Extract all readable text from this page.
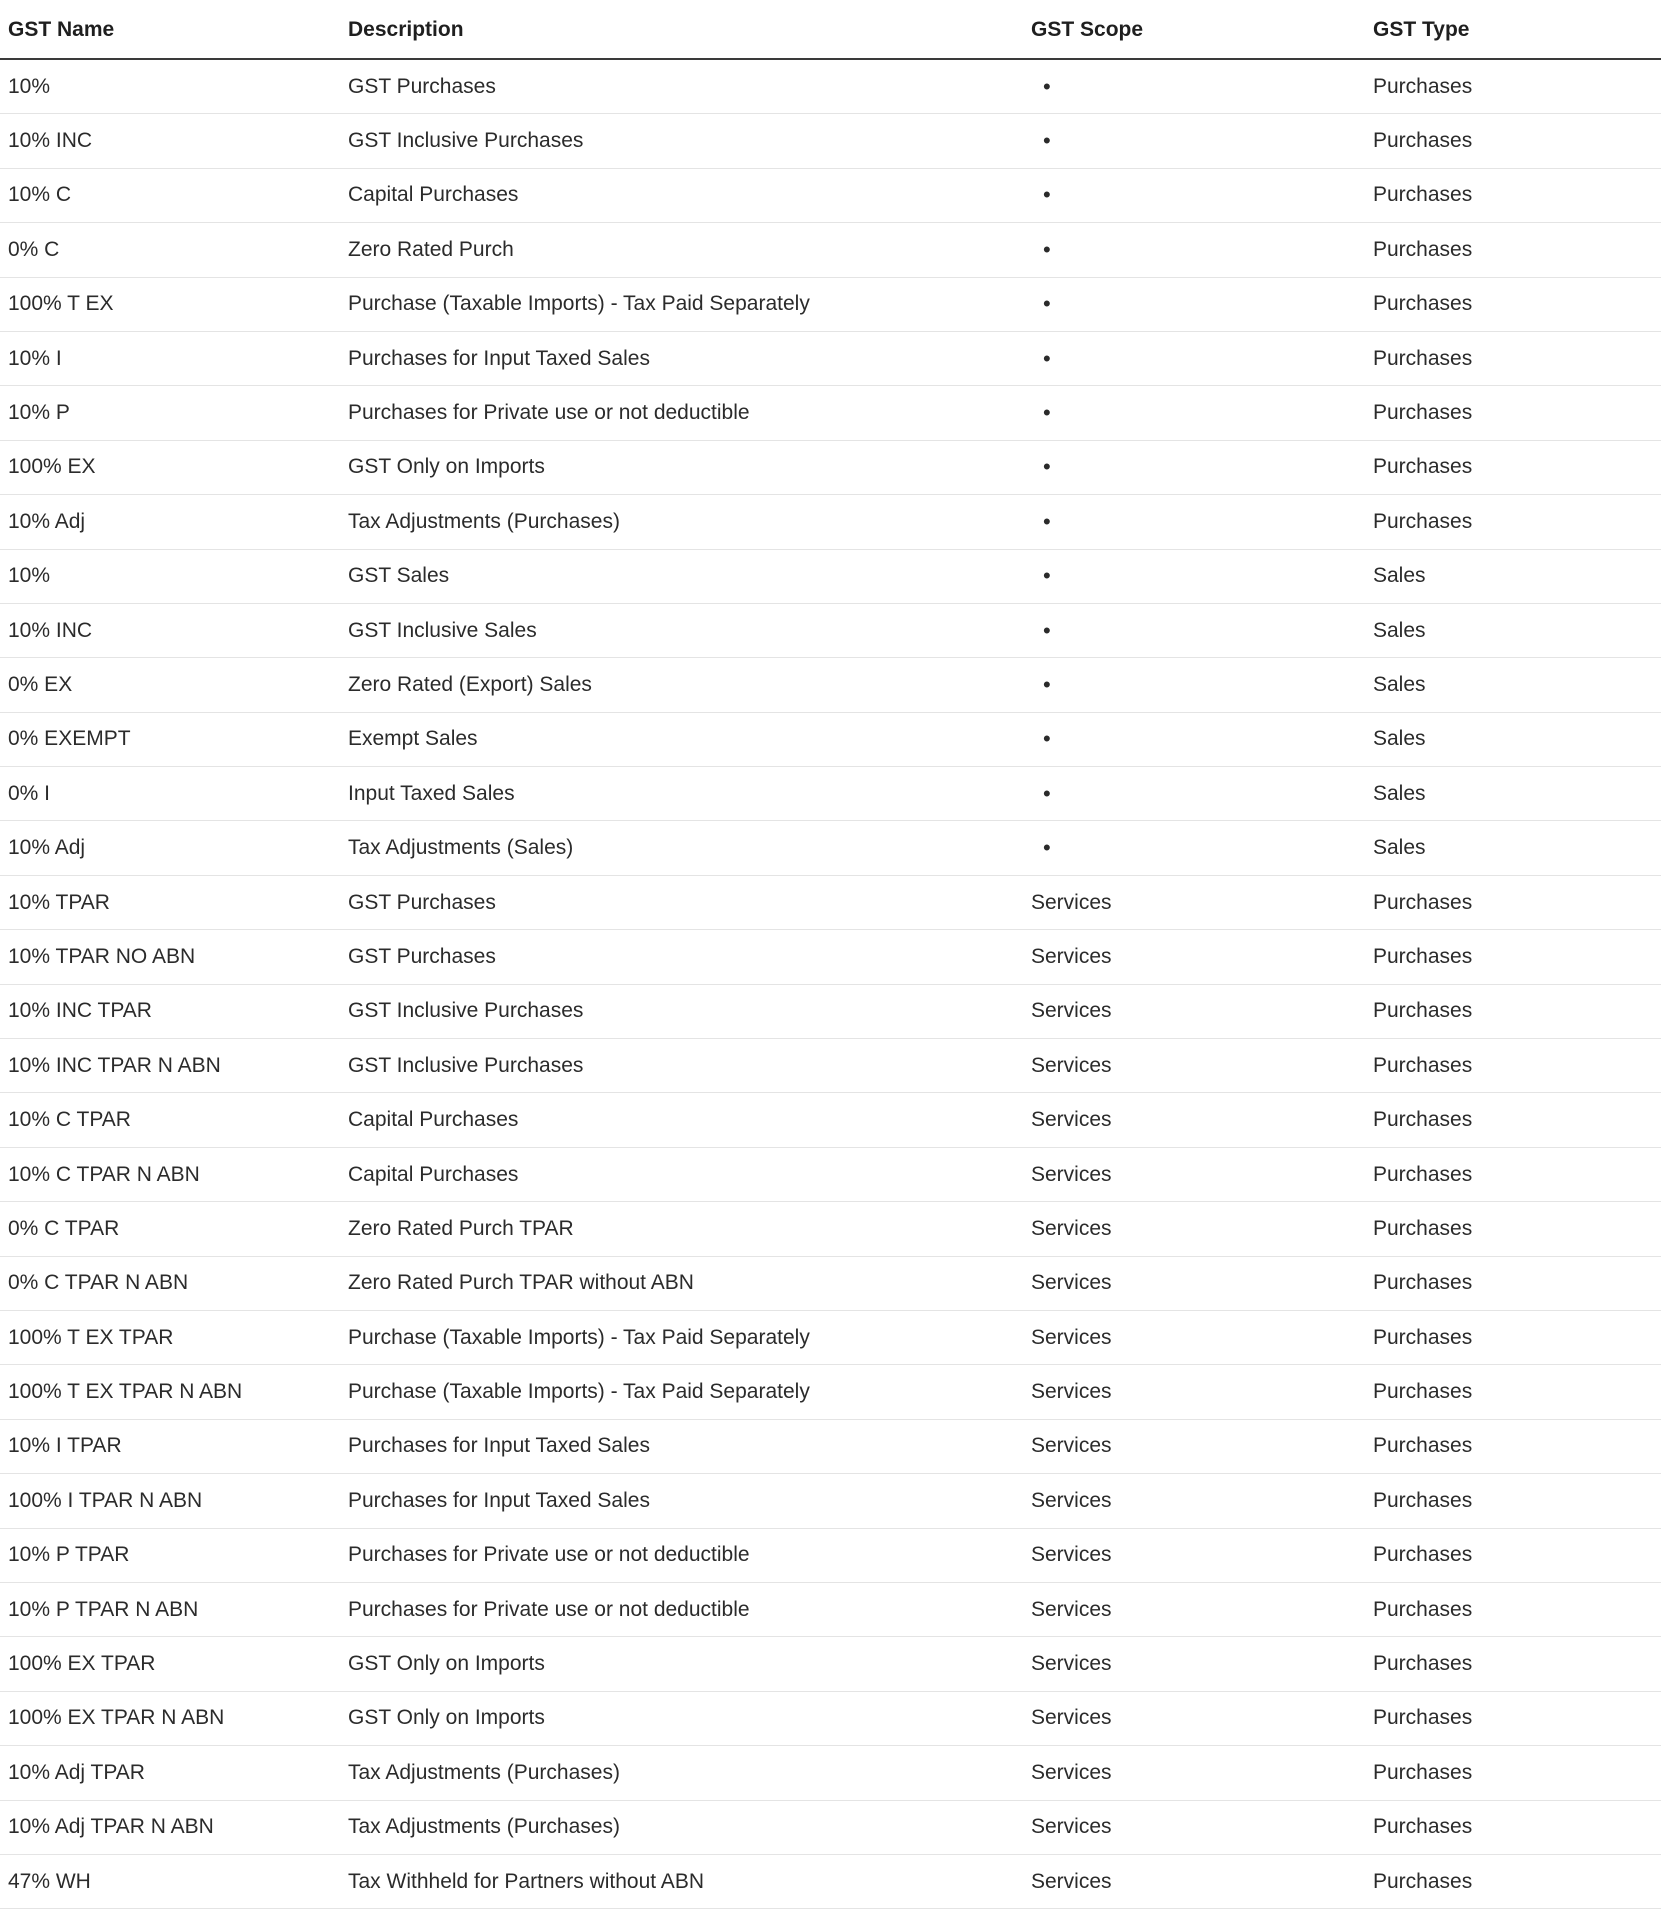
GST Name	Description	GST Scope	GST Type
10%	GST Purchases	•	Purchases
10% INC	GST Inclusive Purchases	•	Purchases
10% C	Capital Purchases	•	Purchases
0% C	Zero Rated Purch	•	Purchases
100% T EX	Purchase (Taxable Imports) - Tax Paid Separately	•	Purchases
10% I	Purchases for Input Taxed Sales	•	Purchases
10% P	Purchases for Private use or not deductible	•	Purchases
100% EX	GST Only on Imports	•	Purchases
10% Adj	Tax Adjustments (Purchases)	•	Purchases
10%	GST Sales	•	Sales
10% INC	GST Inclusive Sales	•	Sales
0% EX	Zero Rated (Export) Sales	•	Sales
0% EXEMPT	Exempt Sales	•	Sales
0% I	Input Taxed Sales	•	Sales
10% Adj	Tax Adjustments (Sales)	•	Sales
10% TPAR	GST Purchases	Services	Purchases
10% TPAR NO ABN	GST Purchases	Services	Purchases
10% INC TPAR	GST Inclusive Purchases	Services	Purchases
10% INC TPAR N ABN	GST Inclusive Purchases	Services	Purchases
10% C TPAR	Capital Purchases	Services	Purchases
10% C TPAR N ABN	Capital Purchases	Services	Purchases
0% C TPAR	Zero Rated Purch TPAR	Services	Purchases
0% C TPAR N ABN	Zero Rated Purch TPAR without ABN	Services	Purchases
100% T EX TPAR	Purchase (Taxable Imports) - Tax Paid Separately	Services	Purchases
100% T EX TPAR N ABN	Purchase (Taxable Imports) - Tax Paid Separately	Services	Purchases
10% I TPAR	Purchases for Input Taxed Sales	Services	Purchases
100% I TPAR N ABN	Purchases for Input Taxed Sales	Services	Purchases
10% P TPAR	Purchases for Private use or not deductible	Services	Purchases
10% P TPAR N ABN	Purchases for Private use or not deductible	Services	Purchases
100% EX TPAR	GST Only on Imports	Services	Purchases
100% EX TPAR N ABN	GST Only on Imports	Services	Purchases
10% Adj TPAR	Tax Adjustments (Purchases)	Services	Purchases
10% Adj TPAR N ABN	Tax Adjustments (Purchases)	Services	Purchases
47% WH	Tax Withheld for Partners without ABN	Services	Purchases
